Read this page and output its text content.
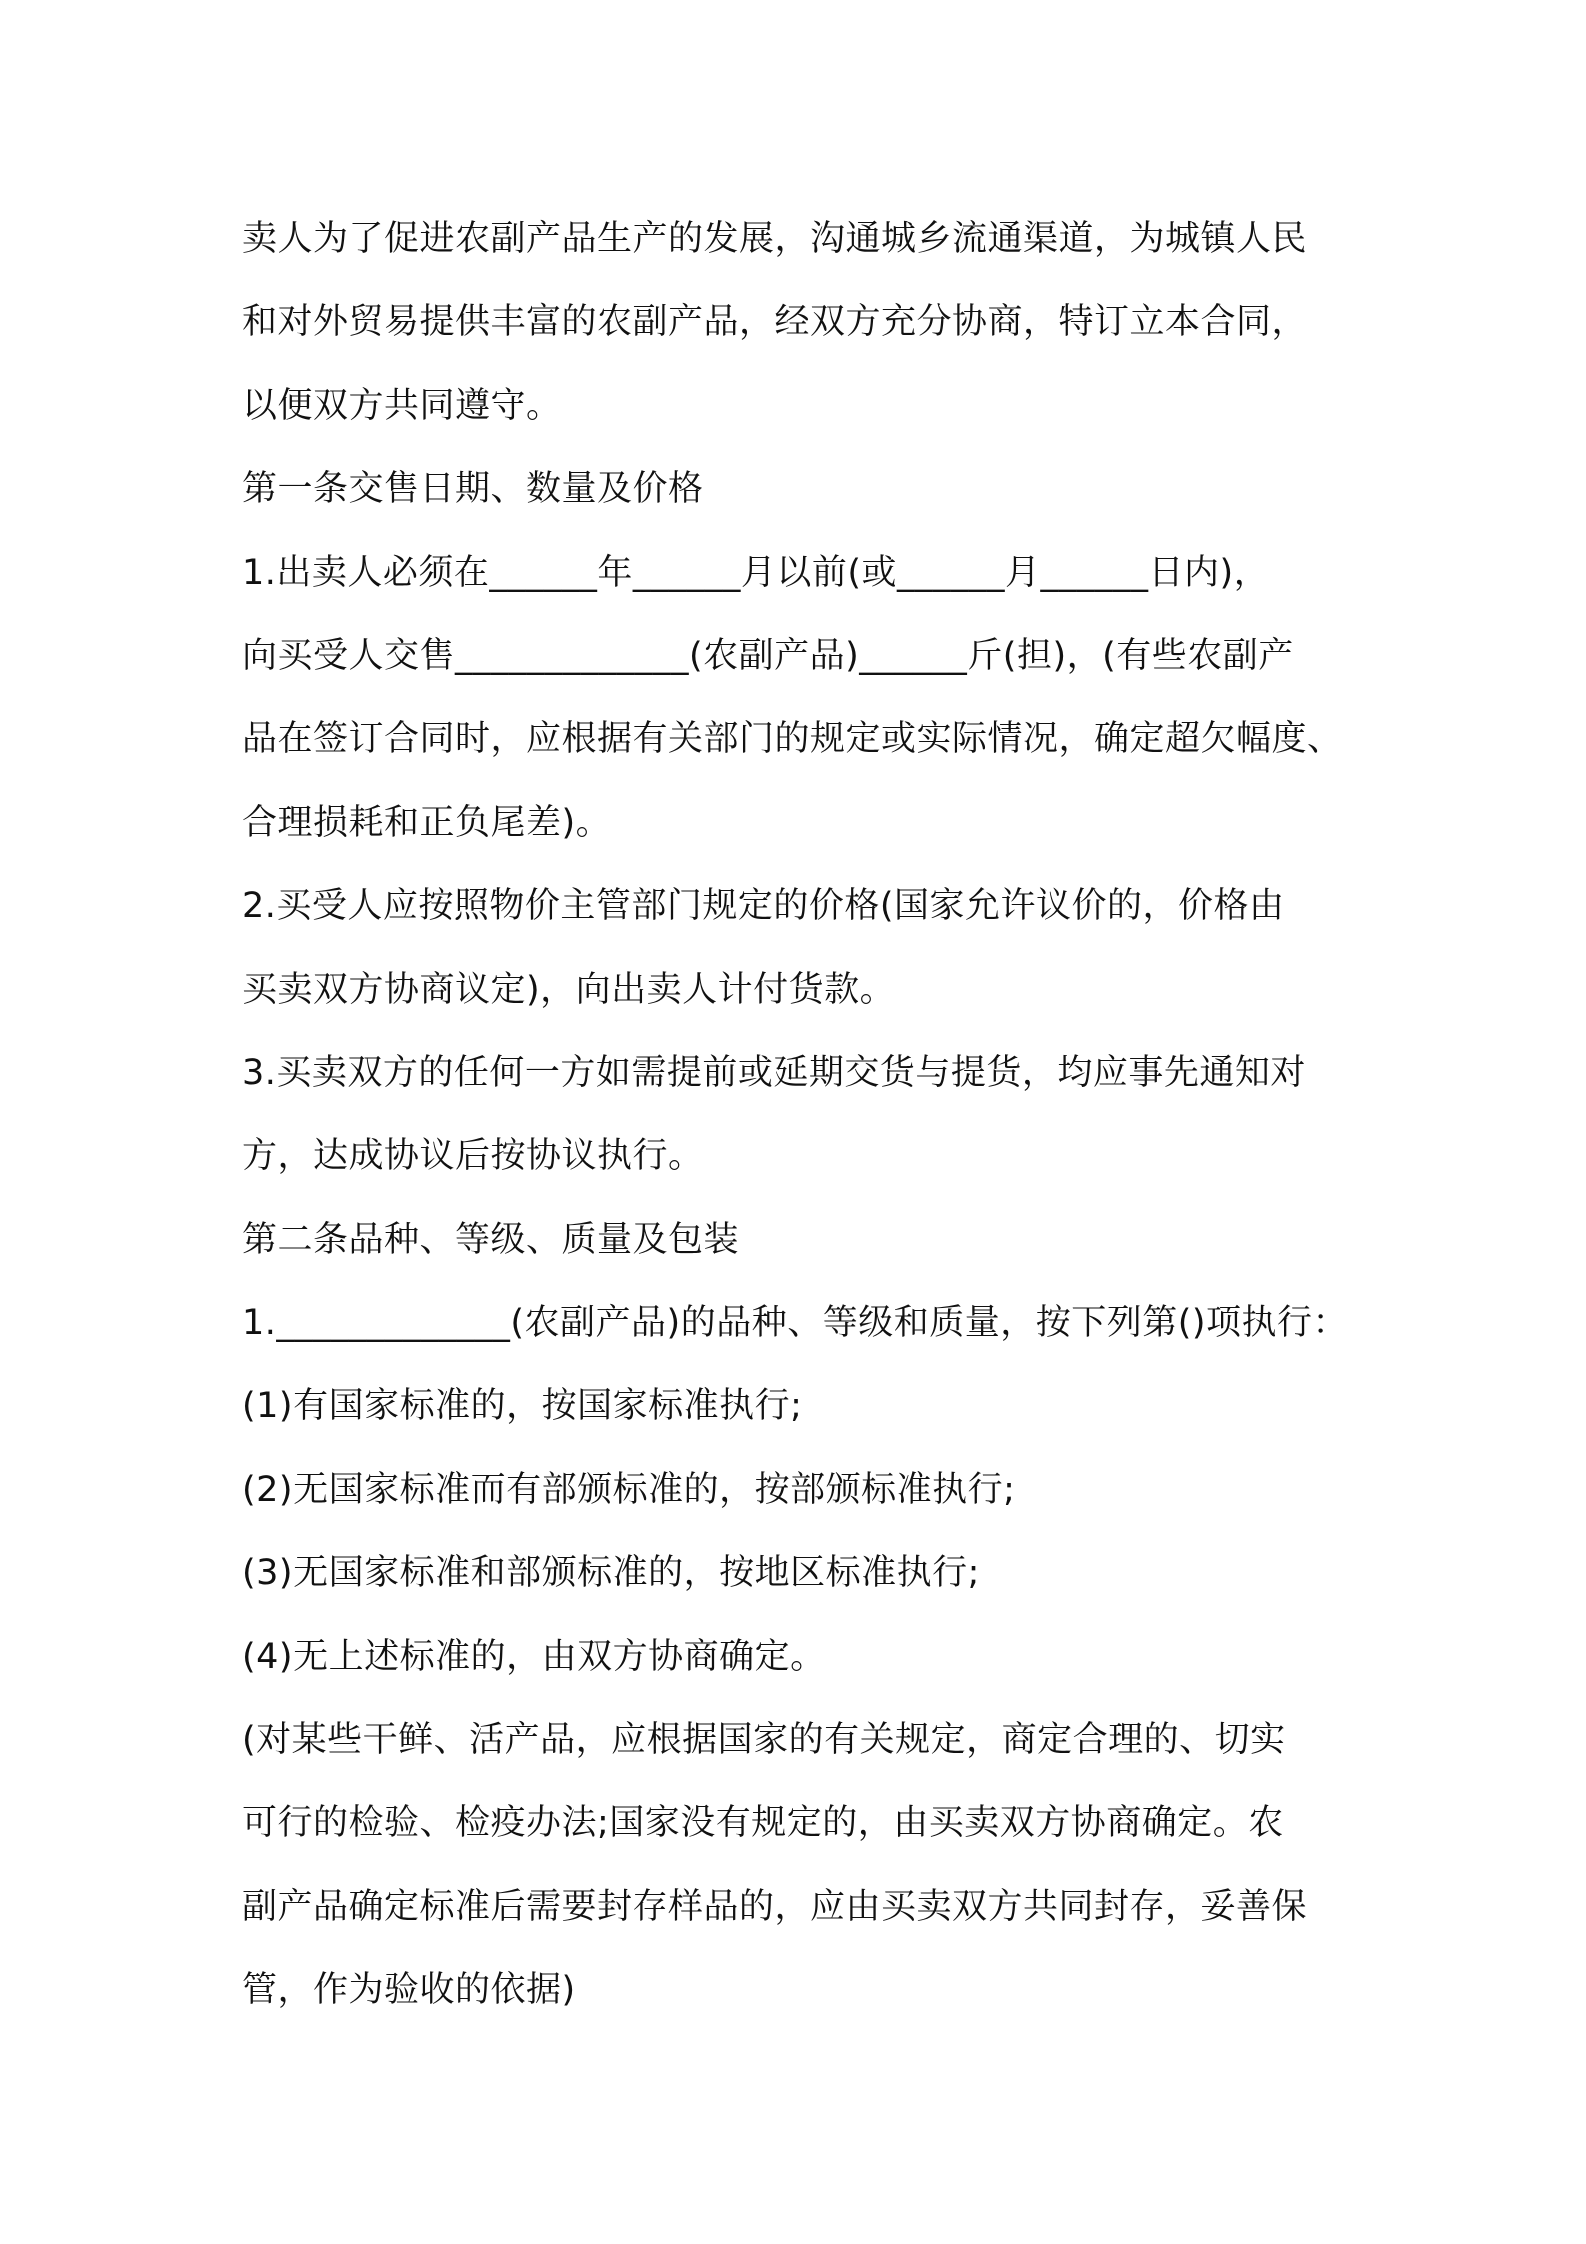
卖人为了促进农副产品生产的发展，沟通城乡流通渠道，为城镇人民
和对外贸易提供丰富的农副产品，经双方充分协商，特订立本合同，
以便双方共同遵守。
第一条交售日期、数量及价格
1.出卖人必须在______年______月以前(或______月______日内)，
向买受人交售_____________(农副产品)______斤(担)，(有些农副产
品在签订合同时，应根据有关部门的规定或实际情况，确定超欠幅度、
合理损耗和正负尾差)。
2.买受人应按照物价主管部门规定的价格(国家允许议价的，价格由
买卖双方协商议定)，向出卖人计付货款。
3.买卖双方的任何一方如需提前或延期交货与提货，均应事先通知对
方，达成协议后按协议执行。
第二条品种、等级、质量及包装
1._____________(农副产品)的品种、等级和质量，按下列第()项执行：
(1)有国家标准的，按国家标准执行;
(2)无国家标准而有部颁标准的，按部颁标准执行;
(3)无国家标准和部颁标准的，按地区标准执行;
(4)无上述标准的，由双方协商确定。
(对某些干鲜、活产品，应根据国家的有关规定，商定合理的、切实
可行的检验、检疫办法;国家没有规定的，由买卖双方协商确定。农
副产品确定标准后需要封存样品的，应由买卖双方共同封存，妥善保
管，作为验收的依据)
